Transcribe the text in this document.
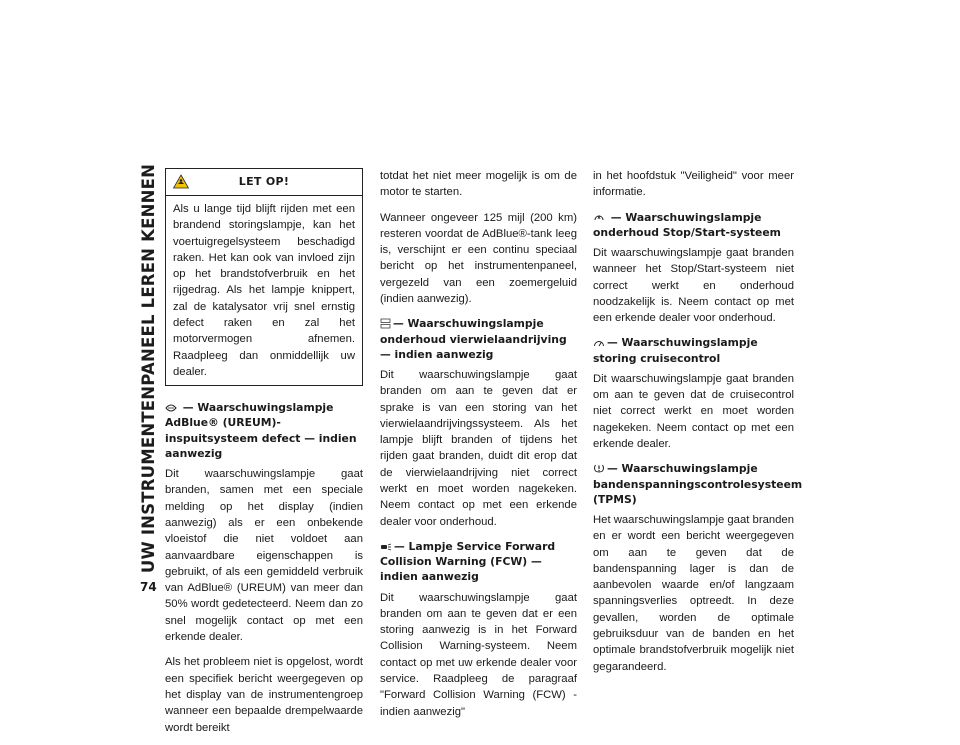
UW INSTRUMENTENPANEEL LEREN KENNEN
74
LET OP!
Als u lange tijd blijft rijden met een brandend storingslampje, kan het voertuigregelsysteem beschadigd raken. Het kan ook van invloed zijn op het brandstofverbruik en het rijgedrag. Als het lampje knippert, zal de katalysator vrij snel ernstig defect raken en zal het motorvermogen afnemen. Raadpleeg dan onmiddellijk uw dealer.
— Waarschuwingslampje AdBlue® (UREUM)-inspuitsysteem defect — indien aanwezig

Dit waarschuwingslampje gaat branden, samen met een speciale melding op het display (indien aanwezig) als er een onbekende vloeistof die niet voldoet aan aanvaardbare eigenschappen is gebruikt, of als een gemiddeld verbruik van AdBlue® (UREUM) van meer dan 50% wordt gedetecteerd. Neem dan zo snel mogelijk contact op met een erkende dealer.

Als het probleem niet is opgelost, wordt een specifiek bericht weergegeven op het display van de instrumentengroep wanneer een bepaalde drempelwaarde wordt bereikt

totdat het niet meer mogelijk is om de motor te starten.

Wanneer ongeveer 125 mijl (200 km) resteren voordat de AdBlue®-tank leeg is, verschijnt er een continu speciaal bericht op het instrumentenpaneel, vergezeld van een zoemergeluid (indien aanwezig).

— Waarschuwingslampje onderhoud vierwielaandrijving — indien aanwezig

Dit waarschuwingslampje gaat branden om aan te geven dat er sprake is van een storing van het vierwielaandrijvingssysteem. Als het lampje blijft branden of tijdens het rijden gaat branden, duidt dit erop dat de vierwielaandrijving niet correct werkt en moet worden nagekeken. Neem contact op met een erkende dealer voor onderhoud.

— Lampje Service Forward Collision Warning (FCW) — indien aanwezig

Dit waarschuwingslampje gaat branden om aan te geven dat er een storing aanwezig is in het Forward Collision Warning-systeem. Neem contact op met uw erkende dealer voor service. Raadpleeg de paragraaf "Forward Collision Warning (FCW) - indien aanwezig"

in het hoofdstuk "Veiligheid" voor meer informatie.

— Waarschuwingslampje onderhoud Stop/Start-systeem

Dit waarschuwingslampje gaat branden wanneer het Stop/Start-systeem niet correct werkt en onderhoud noodzakelijk is. Neem contact op met een erkende dealer voor onderhoud.

— Waarschuwingslampje storing cruisecontrol

Dit waarschuwingslampje gaat branden om aan te geven dat de cruisecontrol niet correct werkt en moet worden nagekeken. Neem contact op met een erkende dealer.

— Waarschuwingslampje bandenspanningscontrolesysteem (TPMS)

Het waarschuwingslampje gaat branden en er wordt een bericht weergegeven om aan te geven dat de bandenspanning lager is dan de aanbevolen waarde en/of langzaam spanningsverlies optreedt. In deze gevallen, worden de optimale gebruiksduur van de banden en het optimale brandstofverbruik mogelijk niet gegarandeerd.
